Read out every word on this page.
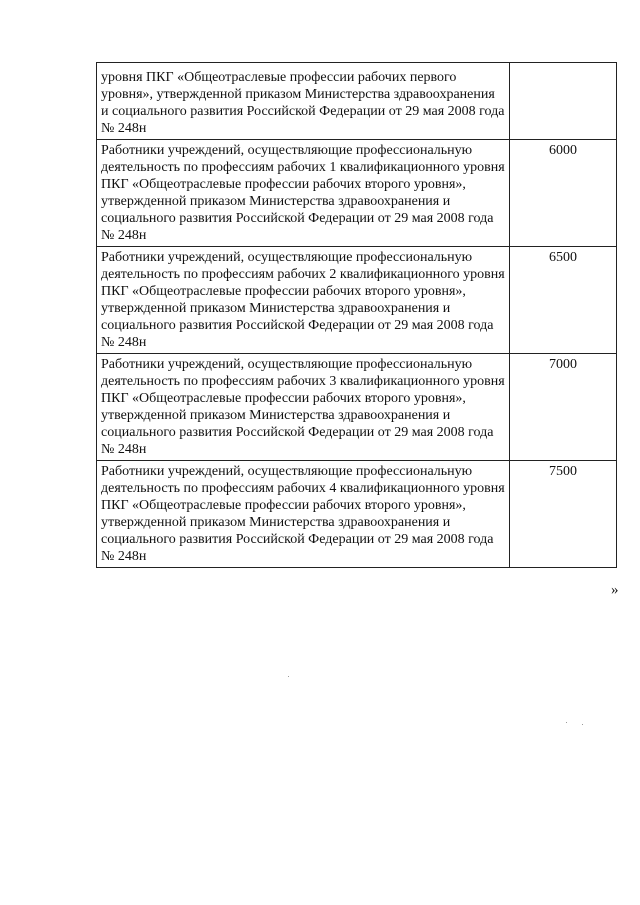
уровня ПКГ «Общеотраслевые профессии рабочих первого уровня», утвержденной приказом Министерства здравоохранения и социального развития Российской Федерации от 29 мая 2008 года № 248н	
Работники учреждений, осуществляющие профессиональную деятельность по профессиям рабочих 1 квалификационного уровня ПКГ «Общеотраслевые профессии рабочих второго уровня», утвержденной приказом Министерства здравоохранения и социального развития Российской Федерации от 29 мая 2008 года № 248н	6000
Работники учреждений, осуществляющие профессиональную деятельность по профессиям рабочих 2 квалификационного уровня ПКГ «Общеотраслевые профессии рабочих второго уровня», утвержденной приказом Министерства здравоохранения и социального развития Российской Федерации от 29 мая 2008 года № 248н	6500
Работники учреждений, осуществляющие профессиональную деятельность по профессиям рабочих 3 квалификационного уровня ПКГ «Общеотраслевые профессии рабочих второго уровня», утвержденной приказом Министерства здравоохранения и социального развития Российской Федерации от 29 мая 2008 года № 248н	7000
Работники учреждений, осуществляющие профессиональную деятельность по профессиям рабочих 4 квалификационного уровня ПКГ «Общеотраслевые профессии рабочих второго уровня», утвержденной приказом Министерства здравоохранения и социального развития Российской Федерации от 29 мая 2008 года № 248н	7500
»
